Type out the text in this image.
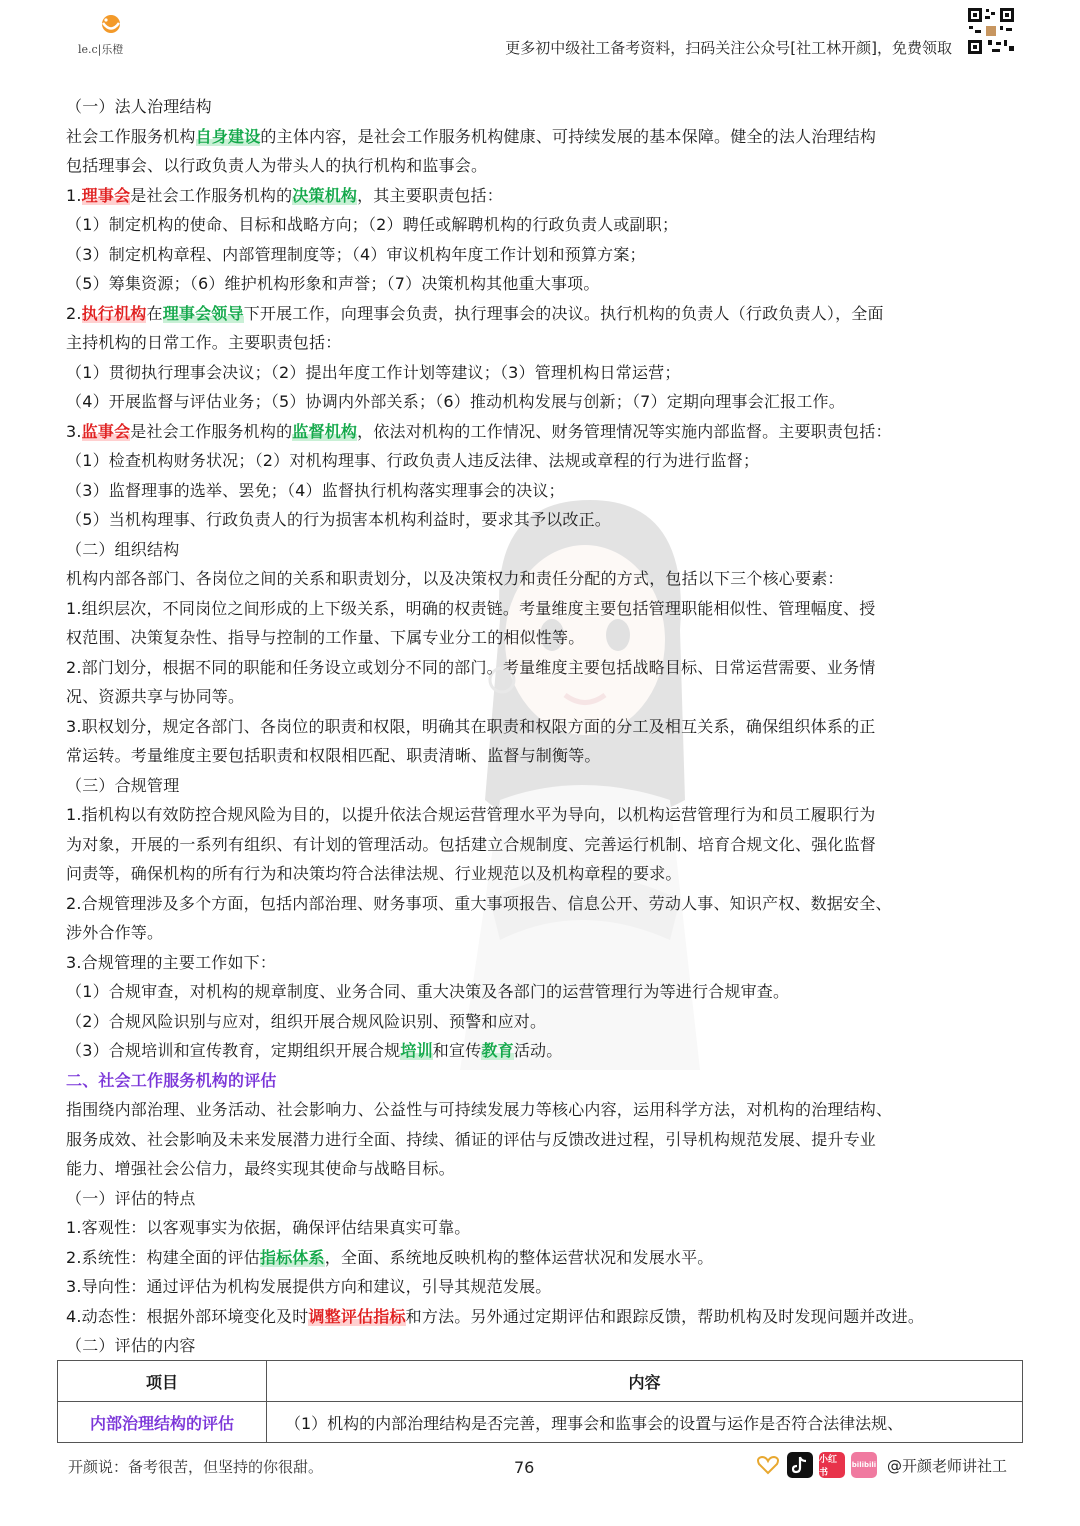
le.c|乐橙	更多初中级社工备考资料，扫码关注公众号[社工林开颜]，免费领取

（一）法人治理结构

社会工作服务机构自身建设的主体内容，是社会工作服务机构健康、可持续发展的基本保障。健全的法人治理结构

包括理事会、以行政负责人为带头人的执行机构和监事会。

1.理事会是社会工作服务机构的决策机构，其主要职责包括：

（1）制定机构的使命、目标和战略方向；（2）聘任或解聘机构的行政负责人或副职；

（3）制定机构章程、内部管理制度等；（4）审议机构年度工作计划和预算方案；

（5）筹集资源；（6）维护机构形象和声誉；（7）决策机构其他重大事项。

2.执行机构在理事会领导下开展工作，向理事会负责，执行理事会的决议。执行机构的负责人（行政负责人），全面

主持机构的日常工作。主要职责包括：

（1）贯彻执行理事会决议；（2）提出年度工作计划等建议；（3）管理机构日常运营；

（4）开展监督与评估业务；（5）协调内外部关系；（6）推动机构发展与创新；（7）定期向理事会汇报工作。

3.监事会是社会工作服务机构的监督机构，依法对机构的工作情况、财务管理情况等实施内部监督。主要职责包括：

（1）检查机构财务状况；（2）对机构理事、行政负责人违反法律、法规或章程的行为进行监督；

（3）监督理事的选举、罢免；（4）监督执行机构落实理事会的决议；

（5）当机构理事、行政负责人的行为损害本机构利益时，要求其予以改正。

（二）组织结构

机构内部各部门、各岗位之间的关系和职责划分，以及决策权力和责任分配的方式，包括以下三个核心要素：

1.组织层次，不同岗位之间形成的上下级关系，明确的权责链。考量维度主要包括管理职能相似性、管理幅度、授

权范围、决策复杂性、指导与控制的工作量、下属专业分工的相似性等。

2.部门划分，根据不同的职能和任务设立或划分不同的部门。考量维度主要包括战略目标、日常运营需要、业务情

况、资源共享与协同等。

3.职权划分，规定各部门、各岗位的职责和权限，明确其在职责和权限方面的分工及相互关系，确保组织体系的正

常运转。考量维度主要包括职责和权限相匹配、职责清晰、监督与制衡等。

（三）合规管理

1.指机构以有效防控合规风险为目的，以提升依法合规运营管理水平为导向，以机构运营管理行为和员工履职行为

为对象，开展的一系列有组织、有计划的管理活动。包括建立合规制度、完善运行机制、培育合规文化、强化监督

问责等，确保机构的所有行为和决策均符合法律法规、行业规范以及机构章程的要求。

2.合规管理涉及多个方面，包括内部治理、财务事项、重大事项报告、信息公开、劳动人事、知识产权、数据安全、

涉外合作等。

3.合规管理的主要工作如下：

（1）合规审查，对机构的规章制度、业务合同、重大决策及各部门的运营管理行为等进行合规审查。

（2）合规风险识别与应对，组织开展合规风险识别、预警和应对。

（3）合规培训和宣传教育，定期组织开展合规培训和宣传教育活动。

二、社会工作服务机构的评估

指围绕内部治理、业务活动、社会影响力、公益性与可持续发展力等核心内容，运用科学方法，对机构的治理结构、

服务成效、社会影响及未来发展潜力进行全面、持续、循证的评估与反馈改进过程，引导机构规范发展、提升专业

能力、增强社会公信力，最终实现其使命与战略目标。

（一）评估的特点

1.客观性：以客观事实为依据，确保评估结果真实可靠。

2.系统性：构建全面的评估指标体系，全面、系统地反映机构的整体运营状况和发展水平。

3.导向性：通过评估为机构发展提供方向和建议，引导其规范发展。

4.动态性：根据外部环境变化及时调整评估指标和方法。另外通过定期评估和跟踪反馈，帮助机构及时发现问题并改进。

（二）评估的内容

项目	内容
内部治理结构的评估	（1）机构的内部治理结构是否完善，理事会和监事会的设置与运作是否符合法律法规、
开颜说：备考很苦，但坚持的你很甜。	76	小红书
bilibili @开颜老师讲社工
